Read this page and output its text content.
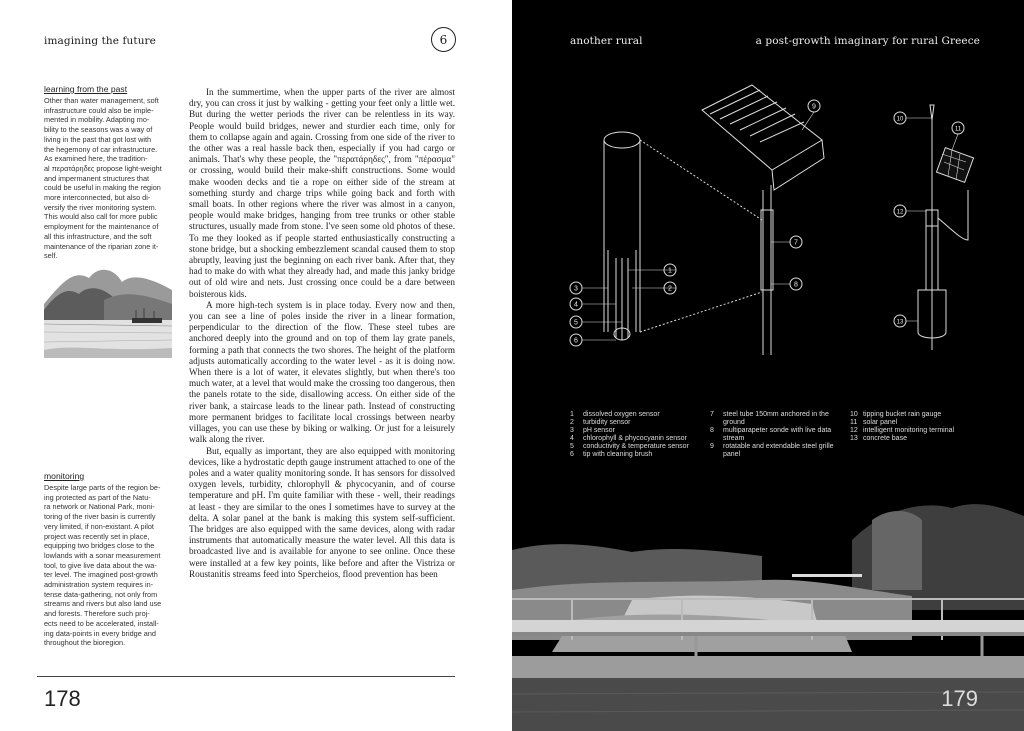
imagining the future	6
learning from the past
Other than water management, soft
infrastructure could also be imple-
mented in mobility. Adapting mo-
bility to the seasons was a way of
living in the past that got lost with
the hegemony of car infrastructure.
As examined here, the tradition-
al περατάρηδες propose light-weight
and impermanent structures that
could be useful in making the region
more interconnected, but also di-
versify the river monitoring system.
This would also call for more public
employment for the maintenance of
all this infrastructure, and the soft
maintenance of the riparian zone it-
self.
monitoring
Despite large parts of the region be-
ing protected as part of the Natu-
ra network or National Park, moni-
toring of the river basin is currently
very limited, if non-existant. A pilot
project was recently set in place,
equipping two bridges close to the
lowlands with a sonar measurement
tool, to give live data about the wa-
ter level. The imagined post-growth
administration system requires in-
tense data-gathering, not only from
streams and rivers but also land use
and forests. Therefore such proj-
ects need to be accelerated, install-
ing data-points in every bridge and
throughout the bioregion.

In the summertime, when the upper parts of the river are almost dry, you can cross it just by walking - getting your feet only a little wet. But during the wetter periods the river can be relentless in its way. People would build bridges, newer and sturdier each time, only for them to collapse again and again. Crossing from one side of the river to the other was a real hassle back then, especially if you had cargo or animals. That's why these people, the "περατάρηδες", from "πέρασμα" or crossing, would build their make-shift constructions. Some would make wooden decks and tie a rope on either side of the stream at something sturdy and charge trips while going back and forth with small boats. In other regions where the river was almost in a canyon, people would make bridges, hanging from tree trunks or other stable structures, usually made from stone. I've seen some old photos of these. To me they looked as if people started enthusiastically constructing a stone bridge, but a shocking embezzlement scandal caused them to stop abruptly, leaving just the beginning on each river bank. After that, they had to make do with what they already had, and made this janky bridge out of old wire and nets. Just crossing once could be a dare between boisterous kids.

A more high-tech system is in place today. Every now and then, you can see a line of poles inside the river in a linear formation, perpendicular to the direction of the flow. These steel tubes are anchored deeply into the ground and on top of them lay grate panels, forming a path that connects the two shores. The height of the platform adjusts automatically according to the water level - as it is doing now. When there is a lot of water, it elevates slightly, but when there's too much water, at a level that would make the crossing too dangerous, then the panels rotate to the side, disallowing access. On either side of the river bank, a staircase leads to the linear path. Instead of constructing more permanent bridges to facilitate local crossings between nearby villages, you can use these by biking or walking. Or just for a leisurely walk along the river.

But, equally as important, they are also equipped with monitoring devices, like a hydrostatic depth gauge instrument attached to one of the poles and a water quality monitoring sonde. It has sensors for dissolved oxygen levels, turbidity, chlorophyll & phycocyanin, and of course temperature and pH. I'm quite familiar with these - well, their readings at least - they are similar to the ones I sometimes have to survey at the delta. A solar panel at the bank is making this system self-sufficient. The bridges are also equipped with the same devices, along with radar instruments that automatically measure the water level. All this data is broadcasted live and is available for anyone to see online. Once these were installed at a few key points, like before and after the Vistriza or Roustanitis streams feed into Spercheios, flood prevention has been

178
another rural	a post-growth imaginary for rural Greece
1
2
3
4
5
6
7
8
9
10
11
12
13
1	dissolved oxygen sensor
2	turbidity sensor
3	pH sensor
4	chlorophyll & phycocyanin sensor
5	conductivity & temperature sensor
6	tip with cleaning brush
7	steel tube 150mm anchored in the ground
8	multiparapeter sonde with live data stream
9	rotatable and extendable steel grille panel
10 tipping bucket rain gauge
11 solar panel
12 intelligent monitoring terminal
13 concrete base
179
